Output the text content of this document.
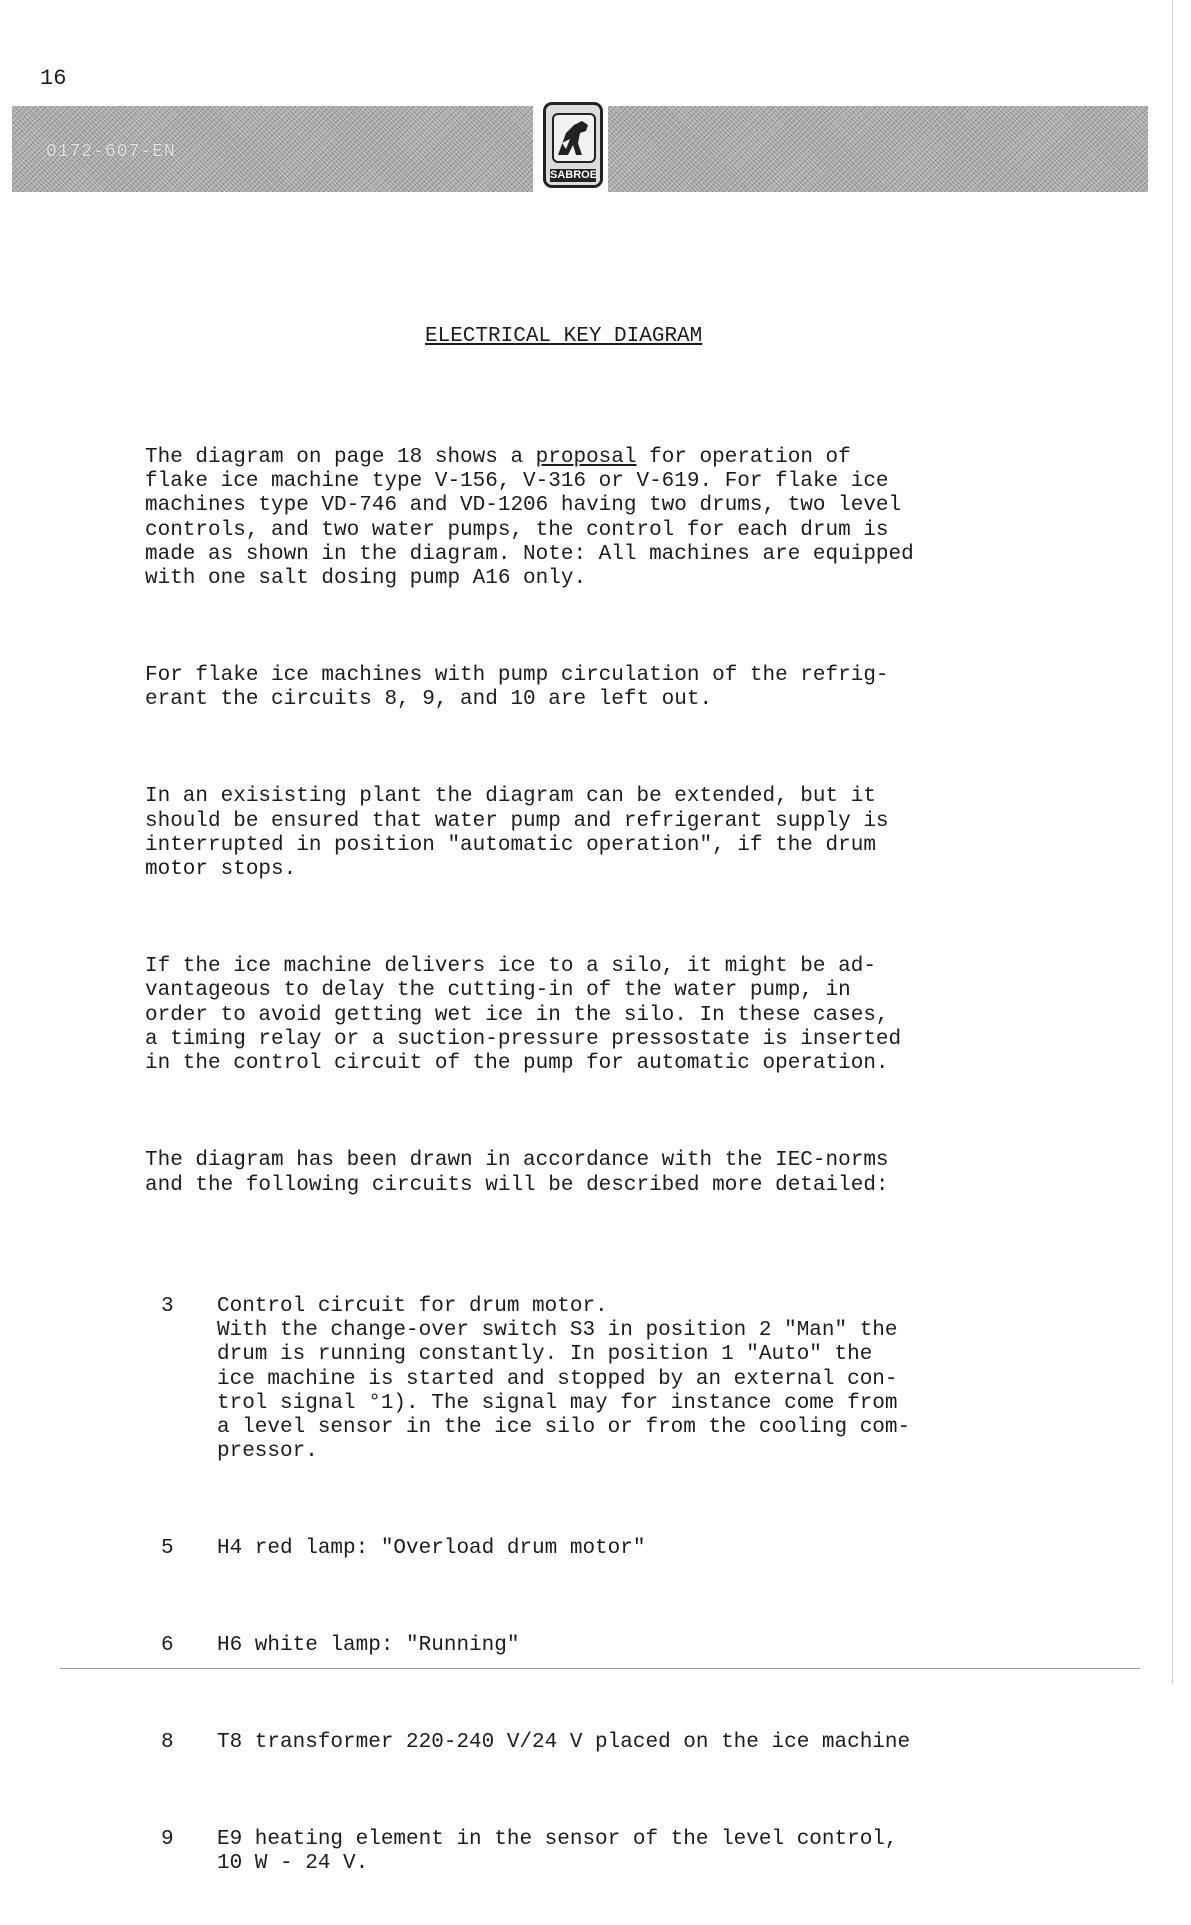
16
0172-607-EN
SABROE

ELECTRICAL KEY DIAGRAM

The diagram on page 18 shows a proposal for operation of
flake ice machine type V-156, V-316 or V-619. For flake ice
machines type VD-746 and VD-1206 having two drums, two level
controls, and two water pumps, the control for each drum is
made as shown in the diagram. Note: All machines are equipped
with one salt dosing pump A16 only.

For flake ice machines with pump circulation of the refrig-
erant the circuits 8, 9, and 10 are left out.

In an exisisting plant the diagram can be extended, but it
should be ensured that water pump and refrigerant supply is
interrupted in position "automatic operation", if the drum
motor stops.

If the ice machine delivers ice to a silo, it might be ad-
vantageous to delay the cutting-in of the water pump, in
order to avoid getting wet ice in the silo. In these cases,
a timing relay or a suction-pressure pressostate is inserted
in the control circuit of the pump for automatic operation.

The diagram has been drawn in accordance with the IEC-norms
and the following circuits will be described more detailed:

3	Control circuit for drum motor.
With the change-over switch S3 in position 2 "Man" the
drum is running constantly. In position 1 "Auto" the
ice machine is started and stopped by an external con-
trol signal °1). The signal may for instance come from
a level sensor in the ice silo or from the cooling com-
pressor.

5	H4 red lamp: "Overload drum motor"

6	H6 white lamp: "Running"

8	T8 transformer 220-240 V/24 V placed on the ice machine

9	E9 heating element in the sensor of the level control,
10 W - 24 V.
